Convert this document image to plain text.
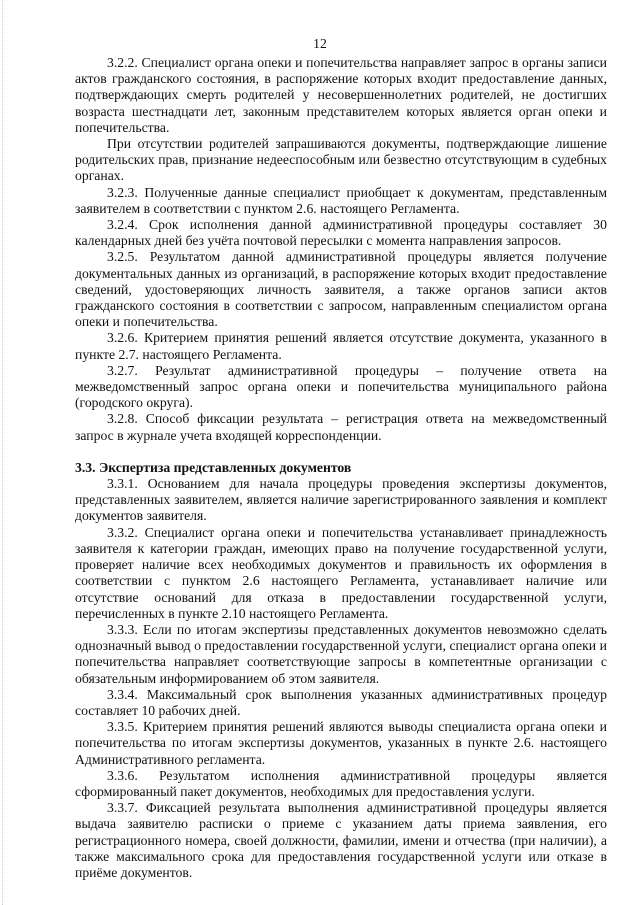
12

3.2.2. Специалист органа опеки и попечительства направляет запрос в органы записи актов гражданского состояния, в распоряжение которых входит предоставление данных, подтверждающих смерть родителей у несовершеннолетних родителей, не достигших возраста шестнадцати лет, законным представителем которых является орган опеки и попечительства.

При отсутствии родителей запрашиваются документы, подтверждающие лишение родительских прав, признание недееспособным или безвестно отсутствующим в судебных органах.

3.2.3. Полученные данные специалист приобщает к документам, представленным заявителем в соответствии с пунктом 2.6. настоящего Регламента.

3.2.4. Срок исполнения данной административной процедуры составляет 30 календарных дней без учёта почтовой пересылки с момента направления запросов.

3.2.5. Результатом данной административной процедуры является получение документальных данных из организаций, в распоряжение которых входит предоставление сведений, удостоверяющих личность заявителя, а также органов записи актов гражданского состояния в соответствии с запросом, направленным специалистом органа опеки и попечительства.

3.2.6. Критерием принятия решений является отсутствие документа, указанного в пункте 2.7. настоящего Регламента.

3.2.7. Результат административной процедуры – получение ответа на межведомственный запрос органа опеки и попечительства муниципального района (городского округа).

3.2.8. Способ фиксации результата – регистрация ответа на межведомственный запрос в журнале учета входящей корреспонденции.

3.3. Экспертиза представленных документов

3.3.1. Основанием для начала процедуры проведения экспертизы документов, представленных заявителем, является наличие зарегистрированного заявления и комплект документов заявителя.

3.3.2. Специалист органа опеки и попечительства устанавливает принадлежность заявителя к категории граждан, имеющих право на получение государственной услуги, проверяет наличие всех необходимых документов и правильность их оформления в соответствии с пунктом 2.6 настоящего Регламента, устанавливает наличие или отсутствие оснований для отказа в предоставлении государственной услуги, перечисленных в пункте 2.10 настоящего Регламента.

3.3.3. Если по итогам экспертизы представленных документов невозможно сделать однозначный вывод о предоставлении государственной услуги, специалист органа опеки и попечительства направляет соответствующие запросы в компетентные организации с обязательным информированием об этом заявителя.

3.3.4. Максимальный срок выполнения указанных административных процедур составляет 10 рабочих дней.

3.3.5. Критерием принятия решений являются выводы специалиста органа опеки и попечительства по итогам экспертизы документов, указанных в пункте 2.6. настоящего Административного регламента.

3.3.6. Результатом исполнения административной процедуры является сформированный пакет документов, необходимых для предоставления услуги.

3.3.7. Фиксацией результата выполнения административной процедуры является выдача заявителю расписки о приеме с указанием даты приема заявления, его регистрационного номера, своей должности, фамилии, имени и отчества (при наличии), а также максимального срока для предоставления государственной услуги или отказе в приёме документов.
